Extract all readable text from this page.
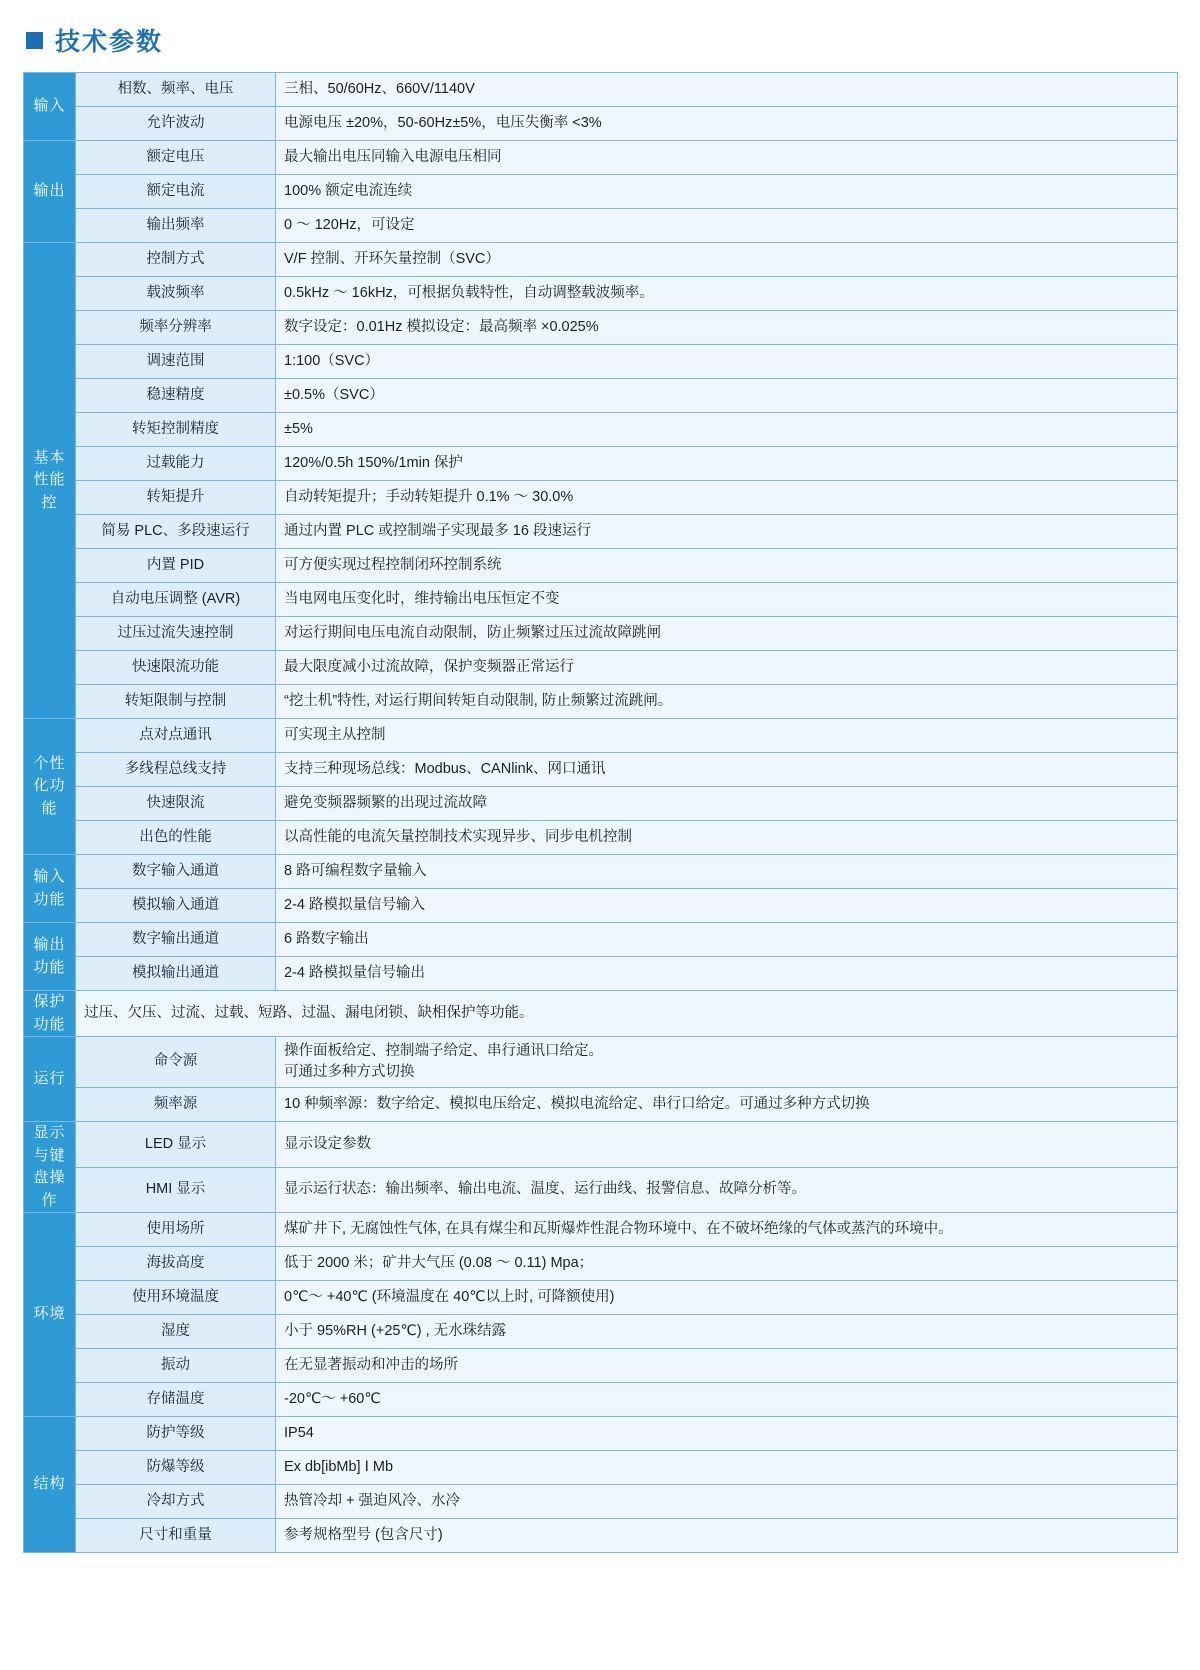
技术参数
输入	相数、频率、电压	三相、50/60Hz、660V/1140V
	允许波动	电源电压 ±20%，50-60Hz±5%，电压失衡率 <3%

输出	额定电压	最大输出电压同输入电源电压相同
	额定电流	100% 额定电流连续
	输出频率	0 ～ 120Hz，可设定

基本性能控	控制方式	V/F 控制、开环矢量控制（SVC）
	载波频率	0.5kHz ～ 16kHz，可根据负载特性，自动调整载波频率。
	频率分辨率	数字设定：0.01Hz 模拟设定：最高频率 ×0.025%
	调速范围	1:100（SVC）
	稳速精度	±0.5%（SVC）
	转矩控制精度	±5%
	过载能力	120%/0.5h 150%/1min 保护
	转矩提升	自动转矩提升；手动转矩提升 0.1% ～ 30.0%
	简易 PLC、多段速运行	通过内置 PLC 或控制端子实现最多 16 段速运行
	内置 PID	可方便实现过程控制闭环控制系统
	自动电压调整 (AVR)	当电网电压变化时，维持输出电压恒定不变
	过压过流失速控制	对运行期间电压电流自动限制，防止频繁过压过流故障跳闸
	快速限流功能	最大限度减小过流故障，保护变频器正常运行
	转矩限制与控制	“挖土机”特性, 对运行期间转矩自动限制, 防止频繁过流跳闸。

个性化功能	点对点通讯	可实现主从控制
	多线程总线支持	支持三种现场总线：Modbus、CANlink、网口通讯
	快速限流	避免变频器频繁的出现过流故障
	出色的性能	以高性能的电流矢量控制技术实现异步、同步电机控制

输入功能	数字输入通道	8 路可编程数字量输入
	模拟输入通道	2-4 路模拟量信号输入

输出功能	数字输出通道	6 路数字输出
	模拟输出通道	2-4 路模拟量信号输出

保护功能	过压、欠压、过流、过载、短路、过温、漏电闭锁、缺相保护等功能。	

运行	命令源	操作面板给定、控制端子给定、串行通讯口给定。
可通过多种方式切换
	频率源	10 种频率源：数字给定、模拟电压给定、模拟电流给定、串行口给定。可通过多种方式切换

显示与键盘操作	LED 显示	显示设定参数
	HMI 显示	显示运行状态：输出频率、输出电流、温度、运行曲线、报警信息、故障分析等。

环境	使用场所	煤矿井下, 无腐蚀性气体, 在具有煤尘和瓦斯爆炸性混合物环境中、在不破坏绝缘的气体或蒸汽的环境中。
	海拔高度	低于 2000 米；矿井大气压 (0.08 ～ 0.11) Mpa；
	使用环境温度	0℃～ +40℃ (环境温度在 40℃以上时, 可降额使用)
	湿度	小于 95%RH (+25℃) , 无水珠结露
	振动	在无显著振动和冲击的场所
	存储温度	-20℃～ +60℃

结构	防护等级	IP54
	防爆等级	Ex db[ibMb] Ⅰ Mb
	冷却方式	热管冷却 + 强迫风冷、水冷
	尺寸和重量	参考规格型号 (包含尺寸)
